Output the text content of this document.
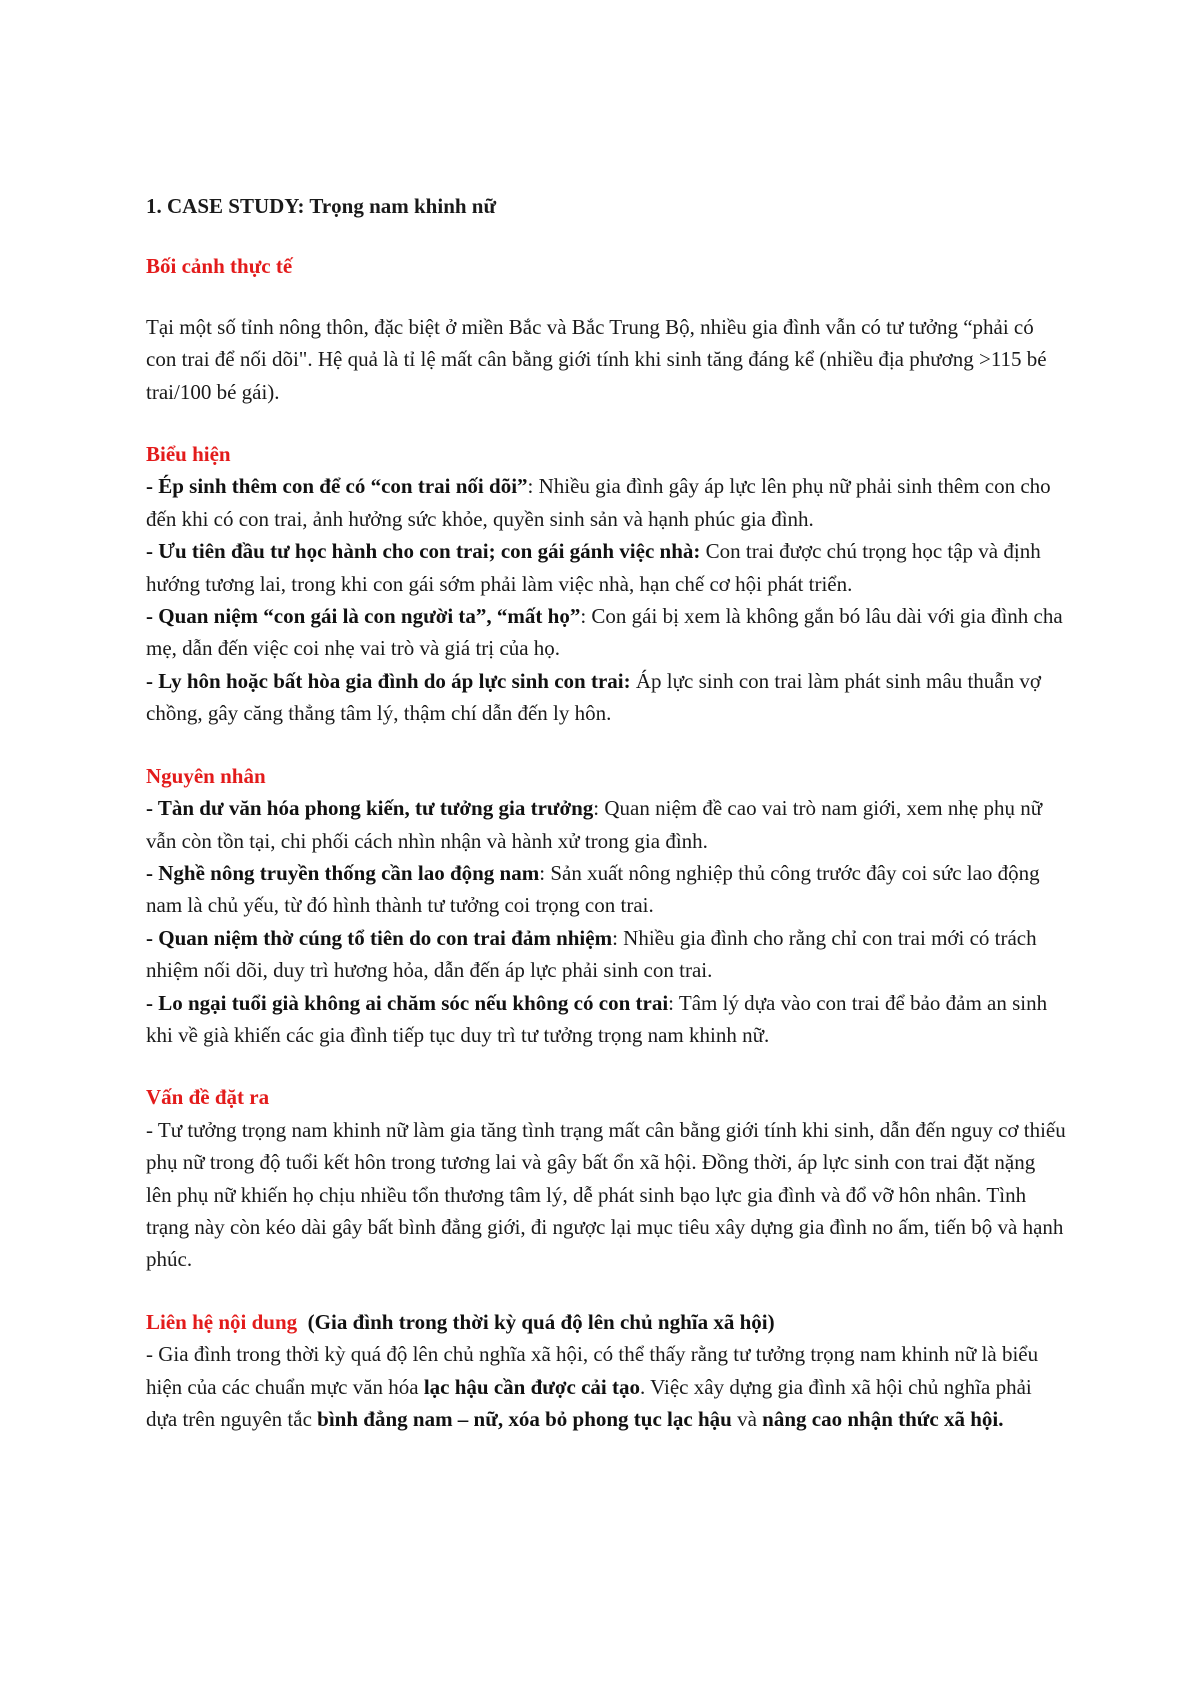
1. CASE STUDY: Trọng nam khinh nữ

Bối cảnh thực tế

Tại một số tỉnh nông thôn, đặc biệt ở miền Bắc và Bắc Trung Bộ, nhiều gia đình vẫn có tư tưởng “phải có con trai để nối dõi". Hệ quả là tỉ lệ mất cân bằng giới tính khi sinh tăng đáng kể (nhiều địa phương >115 bé trai/100 bé gái).

Biểu hiện

- Ép sinh thêm con để có “con trai nối dõi”: Nhiều gia đình gây áp lực lên phụ nữ phải sinh thêm con cho đến khi có con trai, ảnh hưởng sức khỏe, quyền sinh sản và hạnh phúc gia đình.

- Ưu tiên đầu tư học hành cho con trai; con gái gánh việc nhà: Con trai được chú trọng học tập và định hướng tương lai, trong khi con gái sớm phải làm việc nhà, hạn chế cơ hội phát triển.

- Quan niệm “con gái là con người ta”, “mất họ”: Con gái bị xem là không gắn bó lâu dài với gia đình cha mẹ, dẫn đến việc coi nhẹ vai trò và giá trị của họ.

- Ly hôn hoặc bất hòa gia đình do áp lực sinh con trai: Áp lực sinh con trai làm phát sinh mâu thuẫn vợ chồng, gây căng thẳng tâm lý, thậm chí dẫn đến ly hôn.

Nguyên nhân

- Tàn dư văn hóa phong kiến, tư tưởng gia trưởng: Quan niệm đề cao vai trò nam giới, xem nhẹ phụ nữ vẫn còn tồn tại, chi phối cách nhìn nhận và hành xử trong gia đình.

- Nghề nông truyền thống cần lao động nam: Sản xuất nông nghiệp thủ công trước đây coi sức lao động nam là chủ yếu, từ đó hình thành tư tưởng coi trọng con trai.

- Quan niệm thờ cúng tổ tiên do con trai đảm nhiệm: Nhiều gia đình cho rằng chỉ con trai mới có trách nhiệm nối dõi, duy trì hương hỏa, dẫn đến áp lực phải sinh con trai.

- Lo ngại tuổi già không ai chăm sóc nếu không có con trai: Tâm lý dựa vào con trai để bảo đảm an sinh khi về già khiến các gia đình tiếp tục duy trì tư tưởng trọng nam khinh nữ.

Vấn đề đặt ra

- Tư tưởng trọng nam khinh nữ làm gia tăng tình trạng mất cân bằng giới tính khi sinh, dẫn đến nguy cơ thiếu phụ nữ trong độ tuổi kết hôn trong tương lai và gây bất ổn xã hội. Đồng thời, áp lực sinh con trai đặt nặng lên phụ nữ khiến họ chịu nhiều tổn thương tâm lý, dễ phát sinh bạo lực gia đình và đổ vỡ hôn nhân. Tình trạng này còn kéo dài gây bất bình đẳng giới, đi ngược lại mục tiêu xây dựng gia đình no ấm, tiến bộ và hạnh phúc.

Liên hệ nội dung (Gia đình trong thời kỳ quá độ lên chủ nghĩa xã hội)

- Gia đình trong thời kỳ quá độ lên chủ nghĩa xã hội, có thể thấy rằng tư tưởng trọng nam khinh nữ là biểu hiện của các chuẩn mực văn hóa lạc hậu cần được cải tạo. Việc xây dựng gia đình xã hội chủ nghĩa phải dựa trên nguyên tắc bình đẳng nam – nữ, xóa bỏ phong tục lạc hậu và nâng cao nhận thức xã hội.
